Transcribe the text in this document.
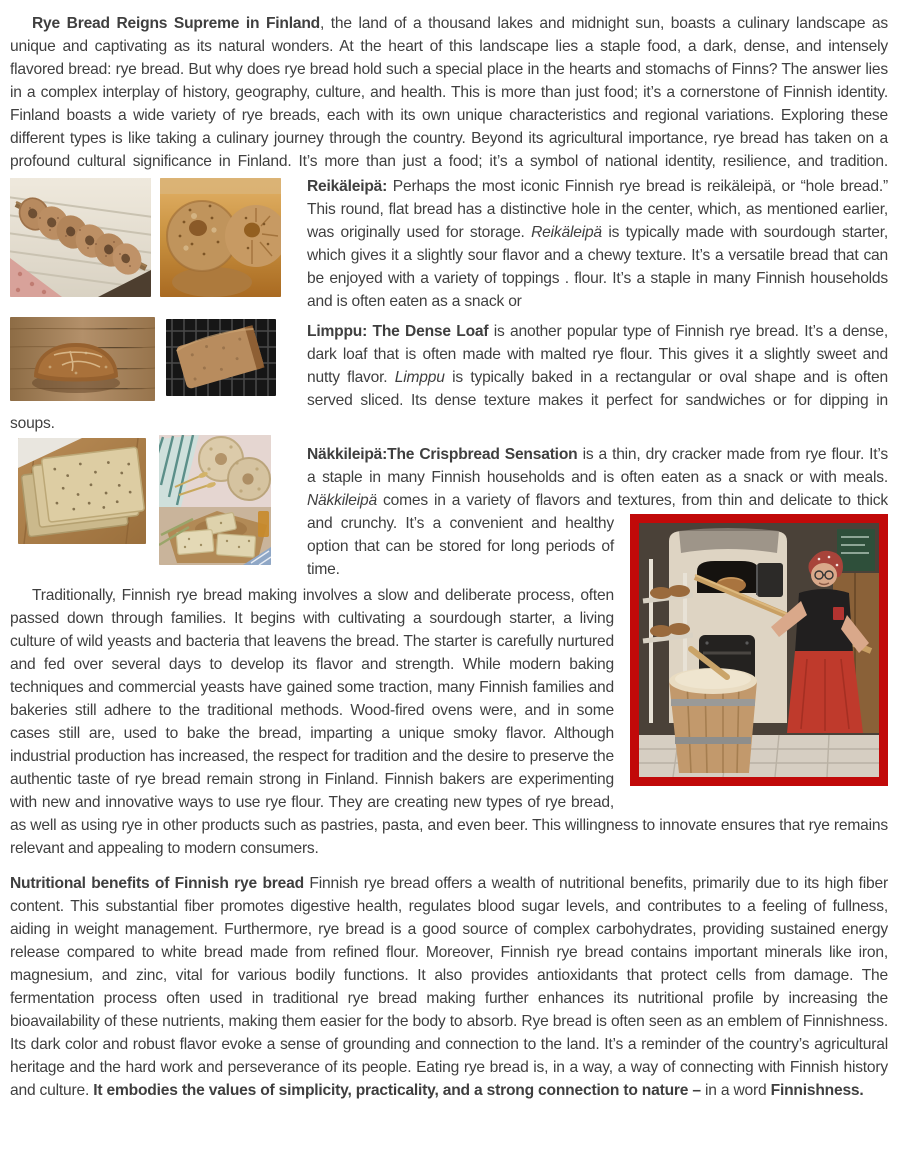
Rye Bread Reigns Supreme in Finland, the land of a thousand lakes and midnight sun, boasts a culinary landscape as unique and captivating as its natural wonders. At the heart of this landscape lies a staple food, a dark, dense, and intensely flavored bread: rye bread. But why does rye bread hold such a special place in the hearts and stomachs of Finns? The answer lies in a complex interplay of history, geography, culture, and health. This is more than just food; it’s a cornerstone of Finnish identity. Finland boasts a wide variety of rye breads, each with its own unique characteristics and regional variations. Exploring these different types is like taking a culinary journey through the country. Beyond its agricultural importance, rye bread has taken on a profound cultural significance in Finland. It’s more than just a food; it’s a symbol of national identity, resilience, and tradition.

Reikäleipä: Perhaps the most iconic Finnish rye bread is reikäleipä, or “hole bread.” This round, flat bread has a distinctive hole in the center, which, as mentioned earlier, was originally used for storage. Reikäleipä is typically made with sourdough starter, which gives it a slightly sour flavor and a chewy texture. It’s a versatile bread that can be enjoyed with a variety of toppings . flour. It’s a staple in many Finnish households and is often eaten as a snack or

Limppu: The Dense Loaf is another popular type of Finnish rye bread. It’s a dense, dark loaf that is often made with malted rye flour. This gives it a slightly sweet and nutty flavor. Limppu is typically baked in a rectangular or oval shape and is often served sliced. Its dense texture makes it perfect for sandwiches or for dipping in soups.

Näkkileipä:The Crispbread Sensation is a thin, dry cracker made from rye flour. It’s a staple in many Finnish households and is often eaten as a snack or with meals. Näkkileipä comes in a variety of flavors and textures, from thin and
delicate to thick and crunchy. It’s a convenient and healthy option that can be stored for long periods of time.

Traditionally, Finnish rye bread making involves a slow and deliberate process, often passed down through families. It begins with cultivating a sourdough starter, a living culture of wild yeasts and bacteria that leavens the bread. The starter is carefully nurtured and fed over several days to develop its flavor and strength. While modern baking techniques and commercial yeasts have gained some traction, many Finnish families and bakeries still adhere to the traditional methods. Wood-fired ovens were, and in some cases still are, used to bake the bread, imparting a unique smoky flavor. Although industrial production has increased, the respect for tradition and the desire to preserve the authentic taste of rye bread remain strong in Finland. Finnish bakers are experimenting with new and innovative ways to use rye flour. They are creating new types of rye bread, as well as using rye in other products such as pastries, pasta, and even beer. This willingness to innovate ensures that rye remains relevant and appealing to modern consumers.

Nutritional benefits of Finnish rye bread Finnish rye bread offers a wealth of nutritional benefits, primarily due to its high fiber content. This substantial fiber promotes digestive health, regulates blood sugar levels, and contributes to a feeling of fullness, aiding in weight management. Furthermore, rye bread is a good source of complex carbohydrates, providing sustained energy release compared to white bread made from refined flour. Moreover, Finnish rye bread contains important minerals like iron, magnesium, and zinc, vital for various bodily functions. It also provides antioxidants that protect cells from damage. The fermentation process often used in traditional rye bread making further enhances its nutritional profile by increasing the bioavailability of these nutrients, making them easier for the body to absorb. Rye bread is often seen as an emblem of Finnishness. Its dark color and robust flavor evoke a sense of grounding and connection to the land. It’s a reminder of the country’s agricultural heritage and the hard work and perseverance of its people. Eating rye bread is, in a way, a way of connecting with Finnish history and culture. It embodies the values of simplicity, practicality, and a strong connection to nature – in a word Finnishness.
